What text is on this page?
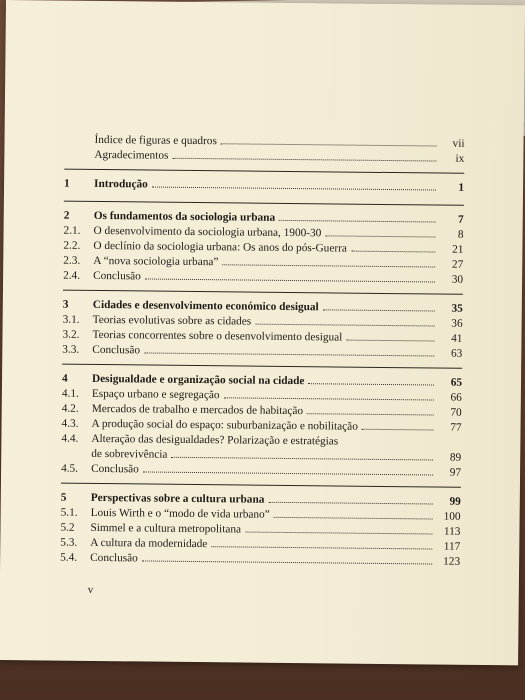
Índice de figuras e quadros	vii
Agradecimentos	ix
1	Introdução	1
2	Os fundamentos da sociologia urbana	7
2.1.	O desenvolvimento da sociologia urbana, 1900-30	8
2.2.	O declínio da sociologia urbana: Os anos do pós-Guerra	21
2.3.	A “nova sociologia urbana”	27
2.4.	Conclusão	30
3	Cidades e desenvolvimento económico desigual	35
3.1.	Teorias evolutivas sobre as cidades	36
3.2.	Teorias concorrentes sobre o desenvolvimento desigual	41
3.3.	Conclusão	63
4	Desigualdade e organização social na cidade	65
4.1.	Espaço urbano e segregação	66
4.2.	Mercados de trabalho e mercados de habitação	70
4.3.	A produção social do espaço: suburbanização e nobilitação	77
4.4.	Alteração das desigualdades? Polarização e estratégias
de sobrevivência	89
4.5.	Conclusão	97
5	Perspectivas sobre a cultura urbana	99
5.1.	Louis Wirth e o “modo de vida urbano”	100
5.2	Simmel e a cultura metropolitana	113
5.3.	A cultura da modernidade	117
5.4.	Conclusão	123
v
